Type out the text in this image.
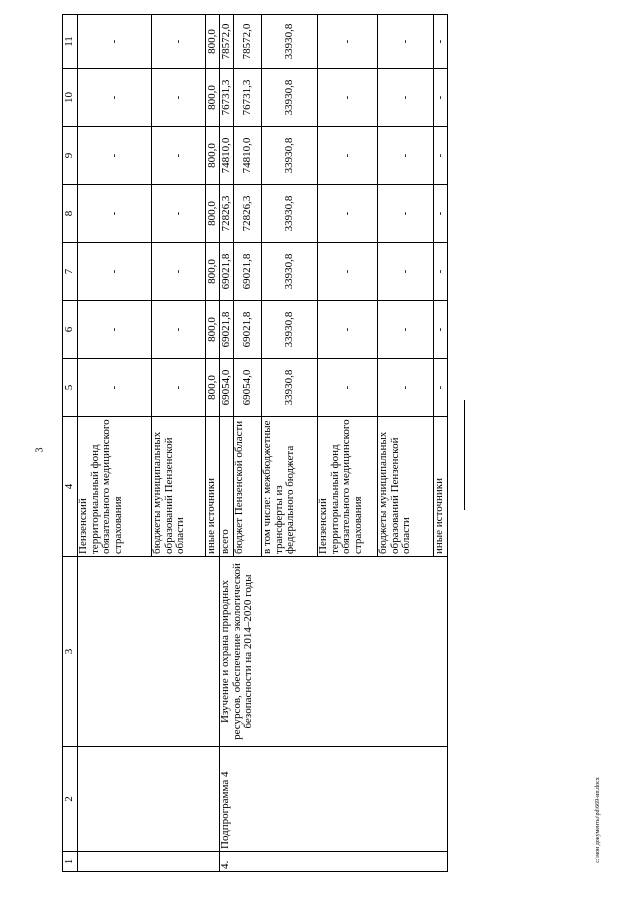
3
c:\мои документы\pd\669-ип.docx
1	2	3	4	5	6	7	8	9	10	11
			Пензенский территориальный фонд обязательного медицинского страхования	-	-	-	-	-	-	-
			бюджеты муниципальных образований Пензенской области	-	-	-	-	-	-	-
			иные источники	800,0	800,0	800,0	800,0	800,0	800,0	800,0
4.	Подпрограмма 4	Изучение и охрана природных ресурсов, обеспечение экологической безопасности на 2014–2020 годы	всего	69054,0	69021,8	69021,8	72826,3	74810,0	76731,3	78572,0
			бюджет Пензенской области	69054,0	69021,8	69021,8	72826,3	74810,0	76731,3	78572,0
			в том числе: межбюджетные трансферты из федерального бюджета	33930,8	33930,8	33930,8	33930,8	33930,8	33930,8	33930,8
			Пензенский территориальный фонд обязательного медицинского страхования	-	-	-	-	-	-	-
			бюджеты муниципальных образований Пензенской области	-	-	-	-	-	-	-
			иные источники	-	-	-	-	-	-	-
